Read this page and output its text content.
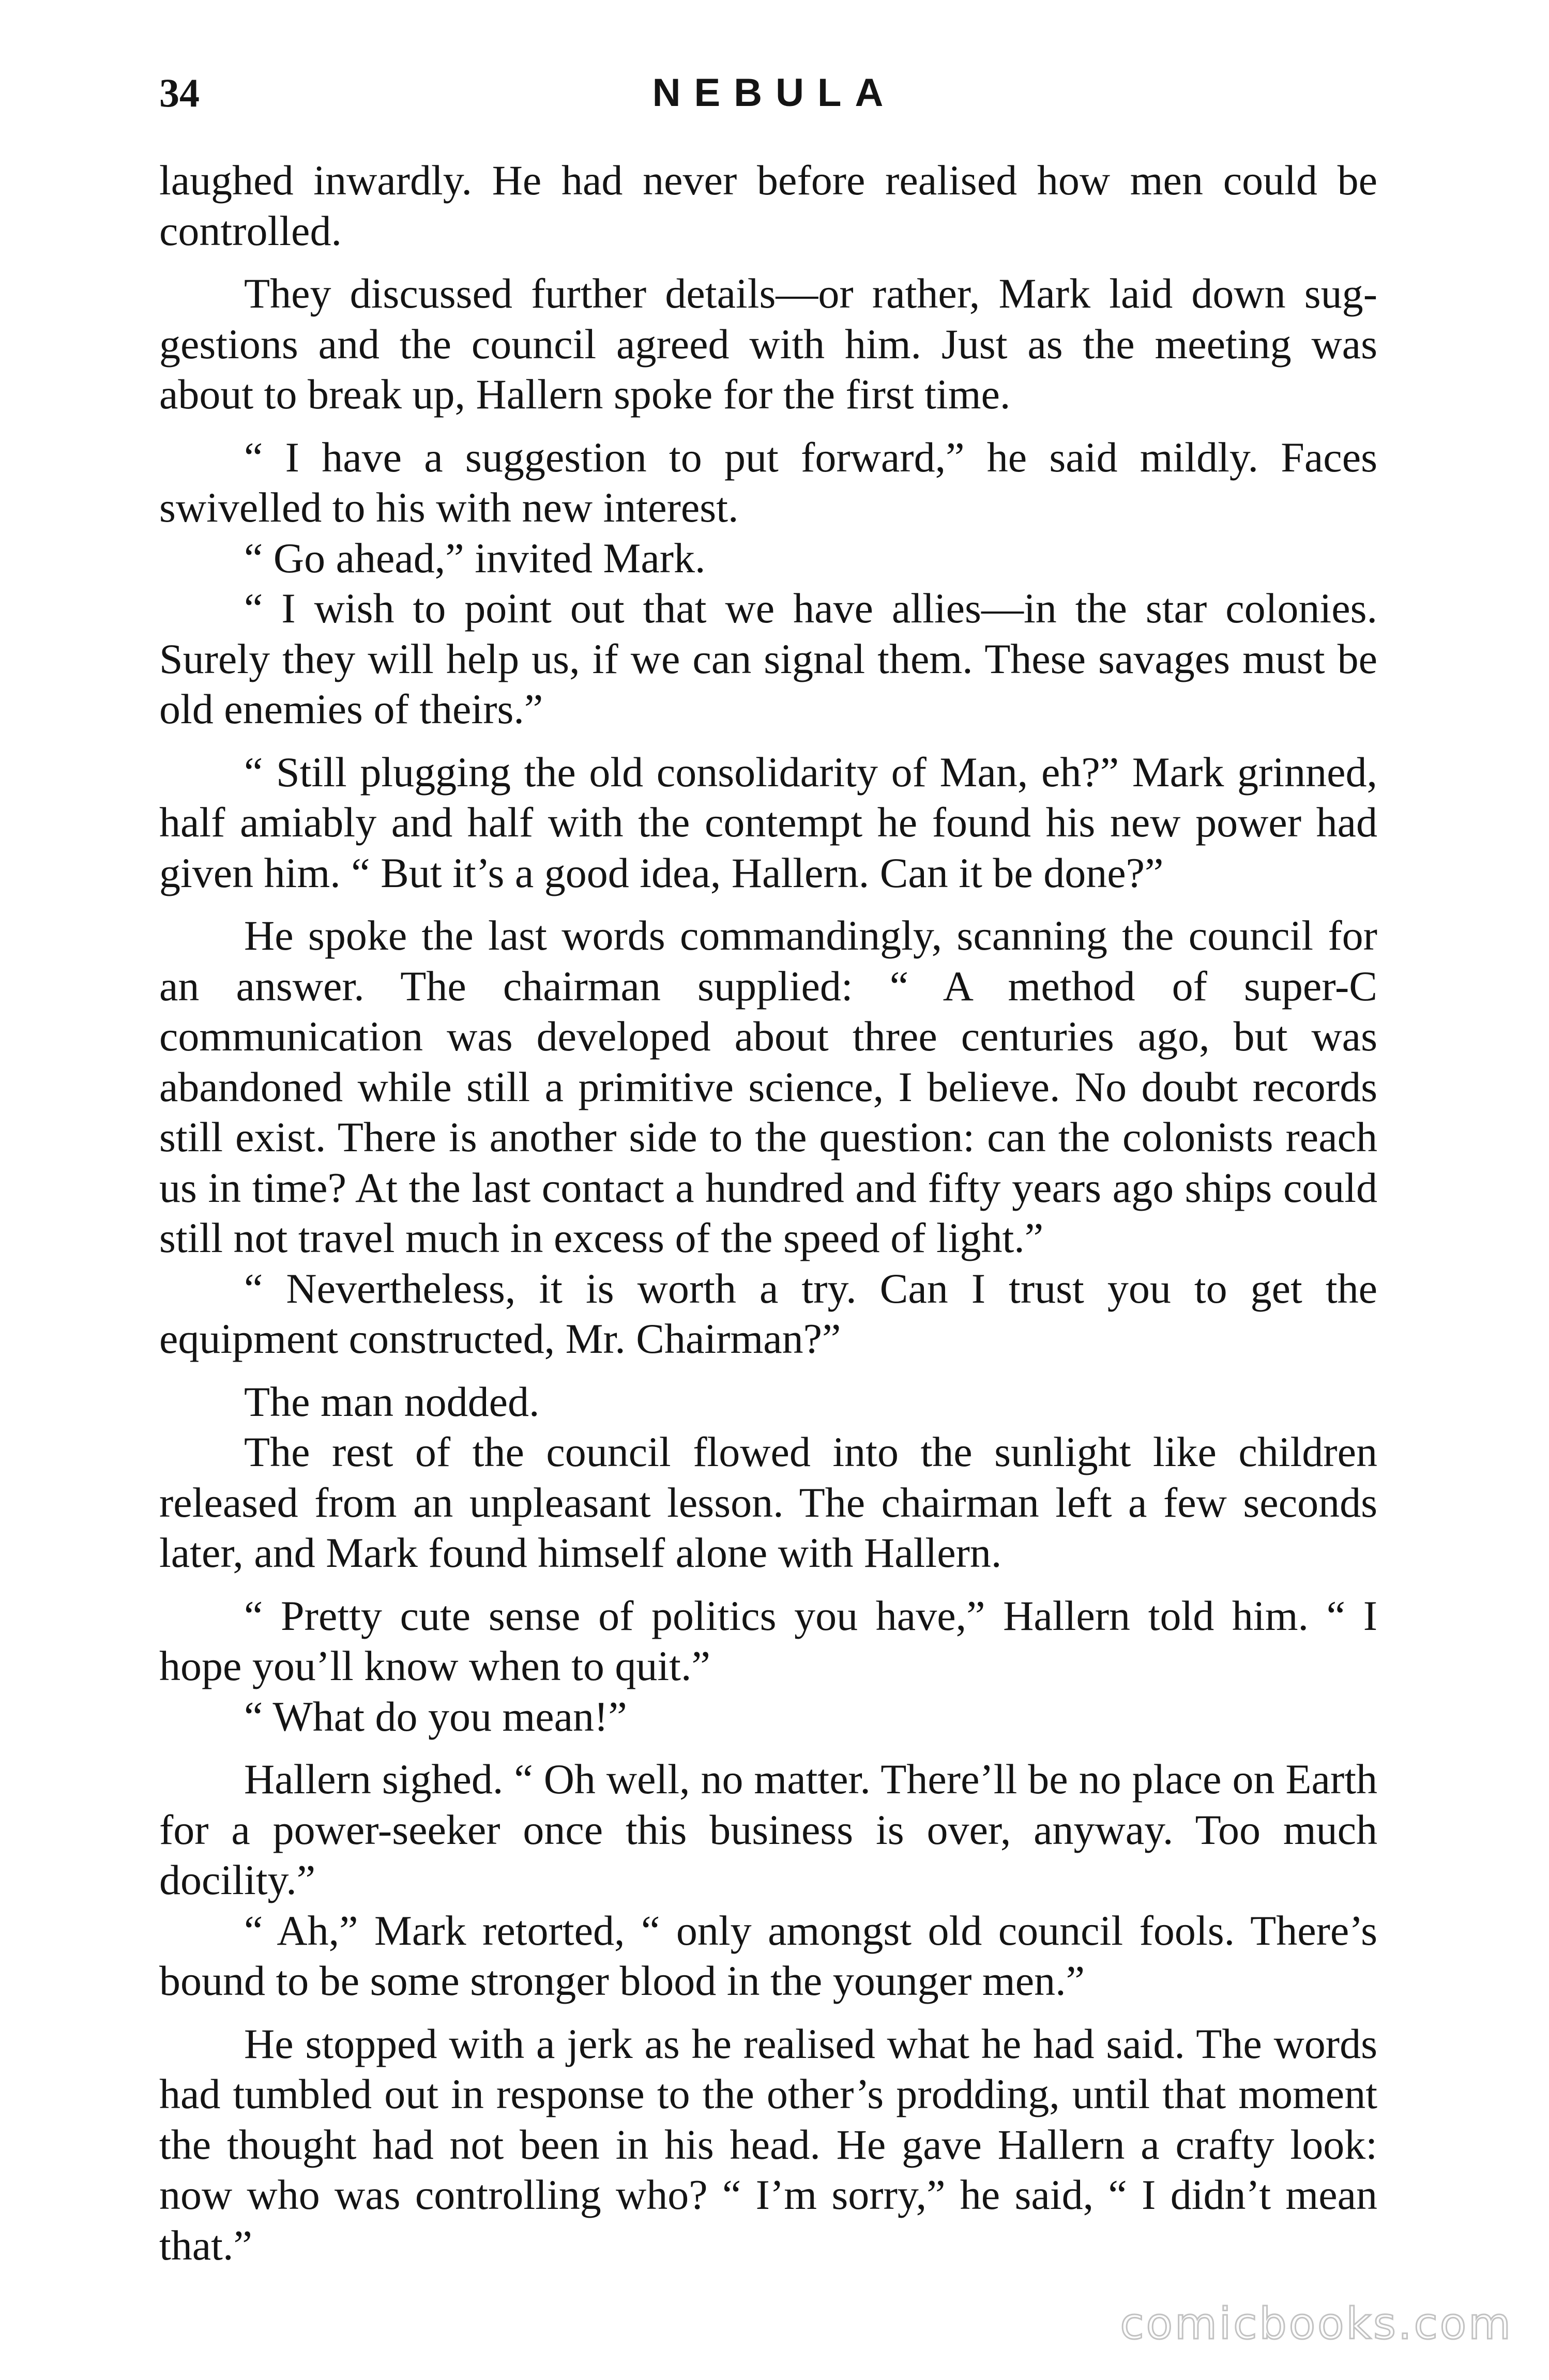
34	NEBULA

laughed inwardly. He had never before realised how men could be controlled.

They discussed further details—or rather, Mark laid down suggestions and the council agreed with him. Just as the meeting was about to break up, Hallern spoke for the first time.

“ I have a suggestion to put forward,” he said mildly. Faces swivelled to his with new interest.

“ Go ahead,” invited Mark.

“ I wish to point out that we have allies—in the star colonies. Surely they will help us, if we can signal them. These savages must be old enemies of theirs.”

“ Still plugging the old consolidarity of Man, eh?” Mark grinned, half amiably and half with the contempt he found his new power had given him. “ But it’s a good idea, Hallern. Can it be done?”

He spoke the last words commandingly, scanning the council for an answer. The chairman supplied: “ A method of super-C communication was developed about three centuries ago, but was abandoned while still a primitive science, I believe. No doubt records still exist. There is another side to the question: can the colonists reach us in time? At the last contact a hundred and fifty years ago ships could still not travel much in excess of the speed of light.”

“ Nevertheless, it is worth a try. Can I trust you to get the equipment constructed, Mr. Chairman?”

The man nodded.

The rest of the council flowed into the sunlight like children released from an unpleasant lesson. The chairman left a few seconds later, and Mark found himself alone with Hallern.

“ Pretty cute sense of politics you have,” Hallern told him. “ I hope you’ll know when to quit.”

“ What do you mean!”

Hallern sighed. “ Oh well, no matter. There’ll be no place on Earth for a power-seeker once this business is over, anyway. Too much docility.”

“ Ah,” Mark retorted, “ only amongst old council fools. There’s bound to be some stronger blood in the younger men.”

He stopped with a jerk as he realised what he had said. The words had tumbled out in response to the other’s prodding, until that moment the thought had not been in his head. He gave Hallern a crafty look: now who was controlling who? “ I’m sorry,” he said, “ I didn’t mean that.”

comicbooks.com
